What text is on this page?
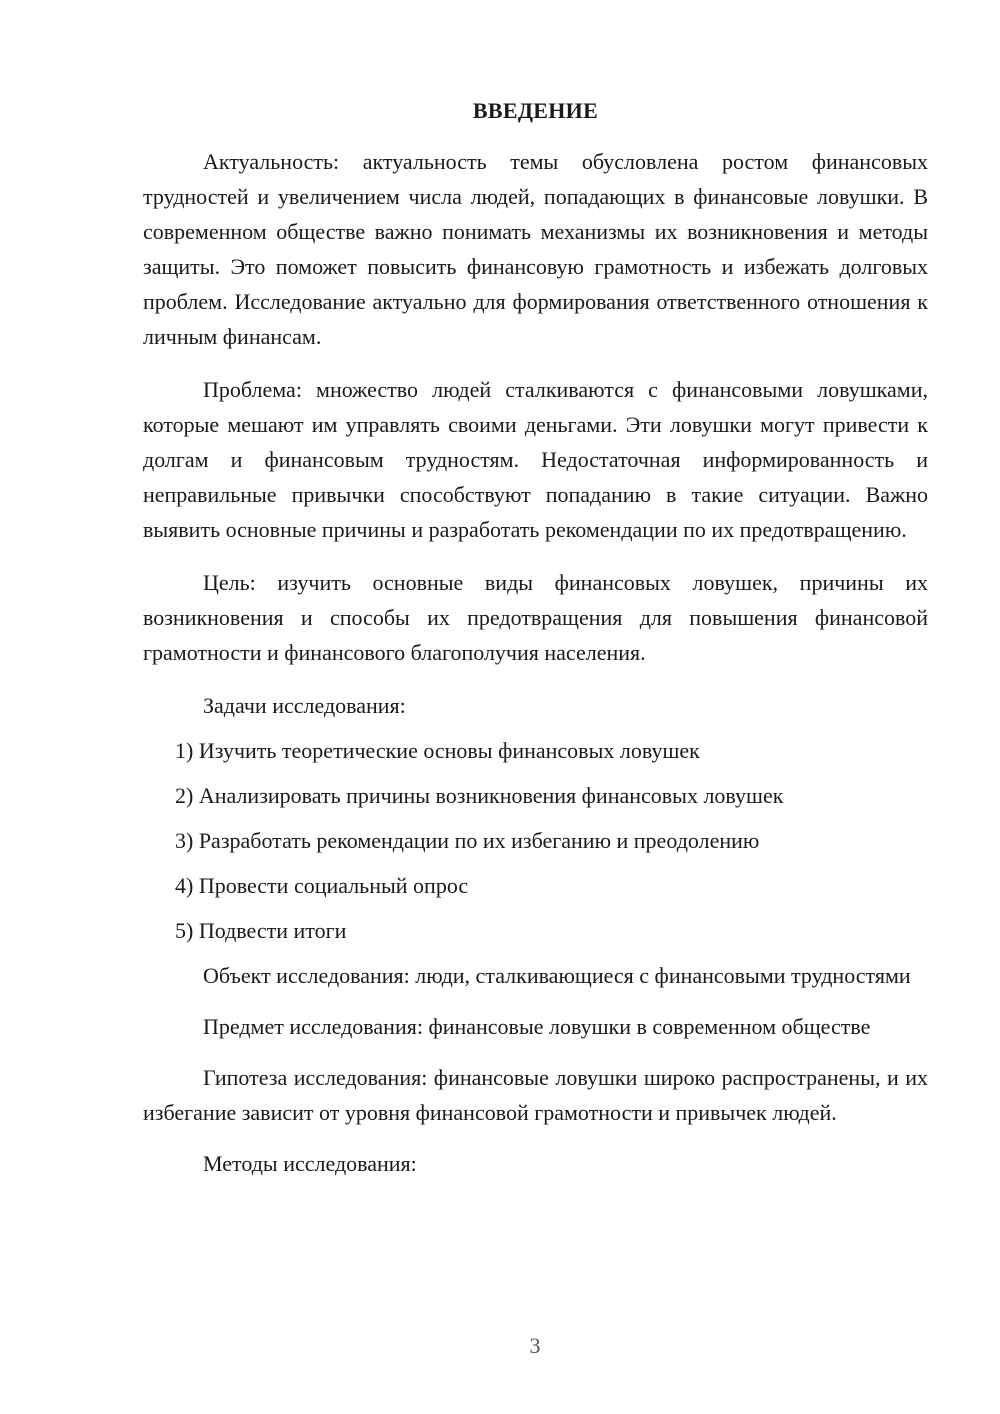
ВВЕДЕНИЕ

Актуальность: актуальность темы обусловлена ростом финансовых трудностей и увеличением числа людей, попадающих в финансовые ловушки. В современном обществе важно понимать механизмы их возникновения и методы защиты. Это поможет повысить финансовую грамотность и избежать долговых проблем. Исследование актуально для формирования ответственного отношения к личным финансам.

Проблема: множество людей сталкиваются с финансовыми ловушками, которые мешают им управлять своими деньгами. Эти ловушки могут привести к долгам и финансовым трудностям. Недостаточная информированность и неправильные привычки способствуют попаданию в такие ситуации. Важно выявить основные причины и разработать рекомендации по их предотвращению.

Цель: изучить основные виды финансовых ловушек, причины их возникновения и способы их предотвращения для повышения финансовой грамотности и финансового благополучия населения.

Задачи исследования:

1) Изучить теоретические основы финансовых ловушек
2) Анализировать причины возникновения финансовых ловушек
3) Разработать рекомендации по их избеганию и преодолению
4) Провести социальный опрос
5) Подвести итоги

Объект исследования: люди, сталкивающиеся с финансовыми трудностями

Предмет исследования: финансовые ловушки в современном обществе

Гипотеза исследования: финансовые ловушки широко распространены, и их избегание зависит от уровня финансовой грамотности и привычек людей.

Методы исследования:

3
